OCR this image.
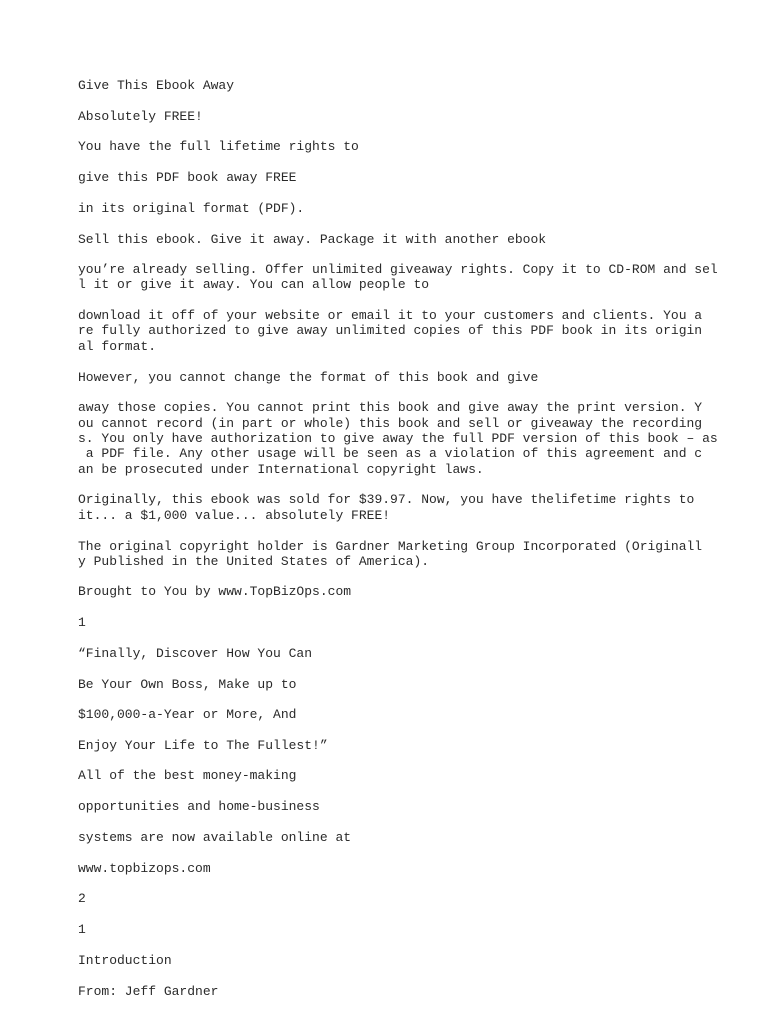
Give This Ebook Away

Absolutely FREE!

You have the full lifetime rights to

give this PDF book away FREE

in its original format (PDF).

Sell this ebook. Give it away. Package it with another ebook

you’re already selling. Offer unlimited giveaway rights. Copy it to CD-ROM and sel

l it or give it away. You can allow people to

download it off of your website or email it to your customers and clients. You a

re fully authorized to give away unlimited copies of this PDF book in its origin

al format.

However, you cannot change the format of this book and give

away those copies. You cannot print this book and give away the print version. Y

ou cannot record (in part or whole) this book and sell or giveaway the recording

s. You only have authorization to give away the full PDF version of this book – as

a PDF file. Any other usage will be seen as a violation of this agreement and c

an be prosecuted under International copyright laws.

Originally, this ebook was sold for $39.97. Now, you have thelifetime rights to

it... a $1,000 value... absolutely FREE!

The original copyright holder is Gardner Marketing Group Incorporated (Originall

y Published in the United States of America).

Brought to You by www.TopBizOps.com

1

“Finally, Discover How You Can

Be Your Own Boss, Make up to

$100,000-a-Year or More, And

Enjoy Your Life to The Fullest!”

All of the best money-making

opportunities and home-business

systems are now available online at

www.topbizops.com

2

1

Introduction

From: Jeff Gardner
